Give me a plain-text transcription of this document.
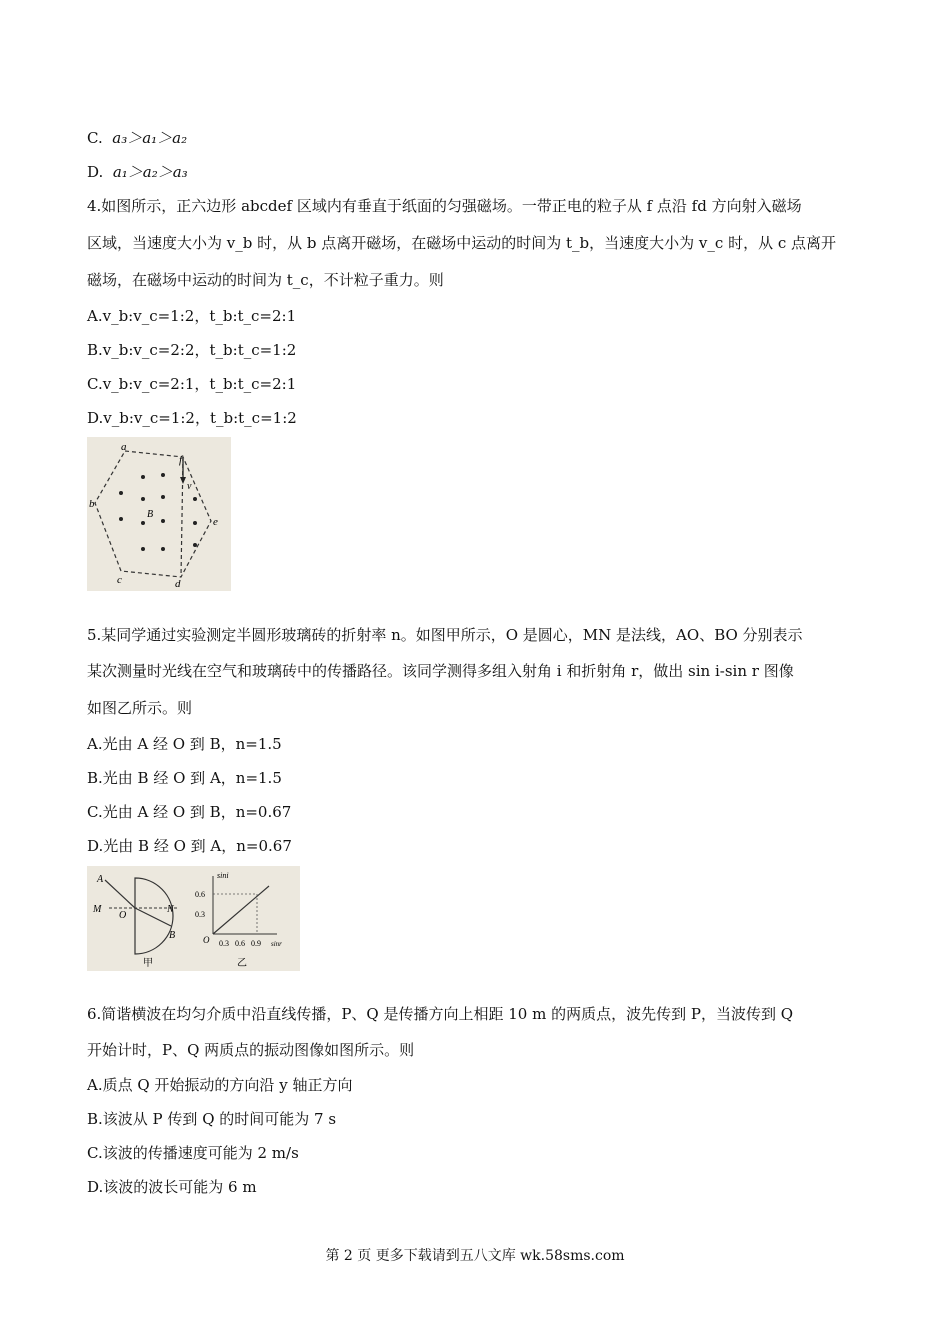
C. a₃＞a₁＞a₂
D. a₁＞a₂＞a₃
4.如图所示，正六边形 abcdef 区域内有垂直于纸面的匀强磁场。一带正电的粒子从 f 点沿 fd 方向射入磁场
区域，当速度大小为 v_b 时，从 b 点离开磁场，在磁场中运动的时间为 t_b，当速度大小为 v_c 时，从 c 点离开
磁场，在磁场中运动的时间为 t_c，不计粒子重力。则
A.v_b:v_c=1:2，t_b:t_c=2:1
B.v_b:v_c=2:2，t_b:t_c=1:2
C.v_b:v_c=2:1，t_b:t_c=2:1
D.v_b:v_c=1:2，t_b:t_c=1:2
a
f
v
b
B
e
c	d
5.某同学通过实验测定半圆形玻璃砖的折射率 n。如图甲所示，O 是圆心，MN 是法线，AO、BO 分别表示
某次测量时光线在空气和玻璃砖中的传播路径。该同学测得多组入射角 i 和折射角 r，做出 sin i-sin r 图像
如图乙所示。则
A.光由 A 经 O 到 B，n=1.5
B.光由 B 经 O 到 A，n=1.5
C.光由 A 经 O 到 B，n=0.67
D.光由 B 经 O 到 A，n=0.67
A
M
O
N
B
甲
sini
0.6
0.3
O 0.3 0.6 0.9 sinr
乙
6.简谐横波在均匀介质中沿直线传播，P、Q 是传播方向上相距 10 m 的两质点，波先传到 P，当波传到 Q
开始计时，P、Q 两质点的振动图像如图所示。则
A.质点 Q 开始振动的方向沿 y 轴正方向
B.该波从 P 传到 Q 的时间可能为 7 s
C.该波的传播速度可能为 2 m/s
D.该波的波长可能为 6 m
第 2 页 更多下载请到五八文库 wk.58sms.com
